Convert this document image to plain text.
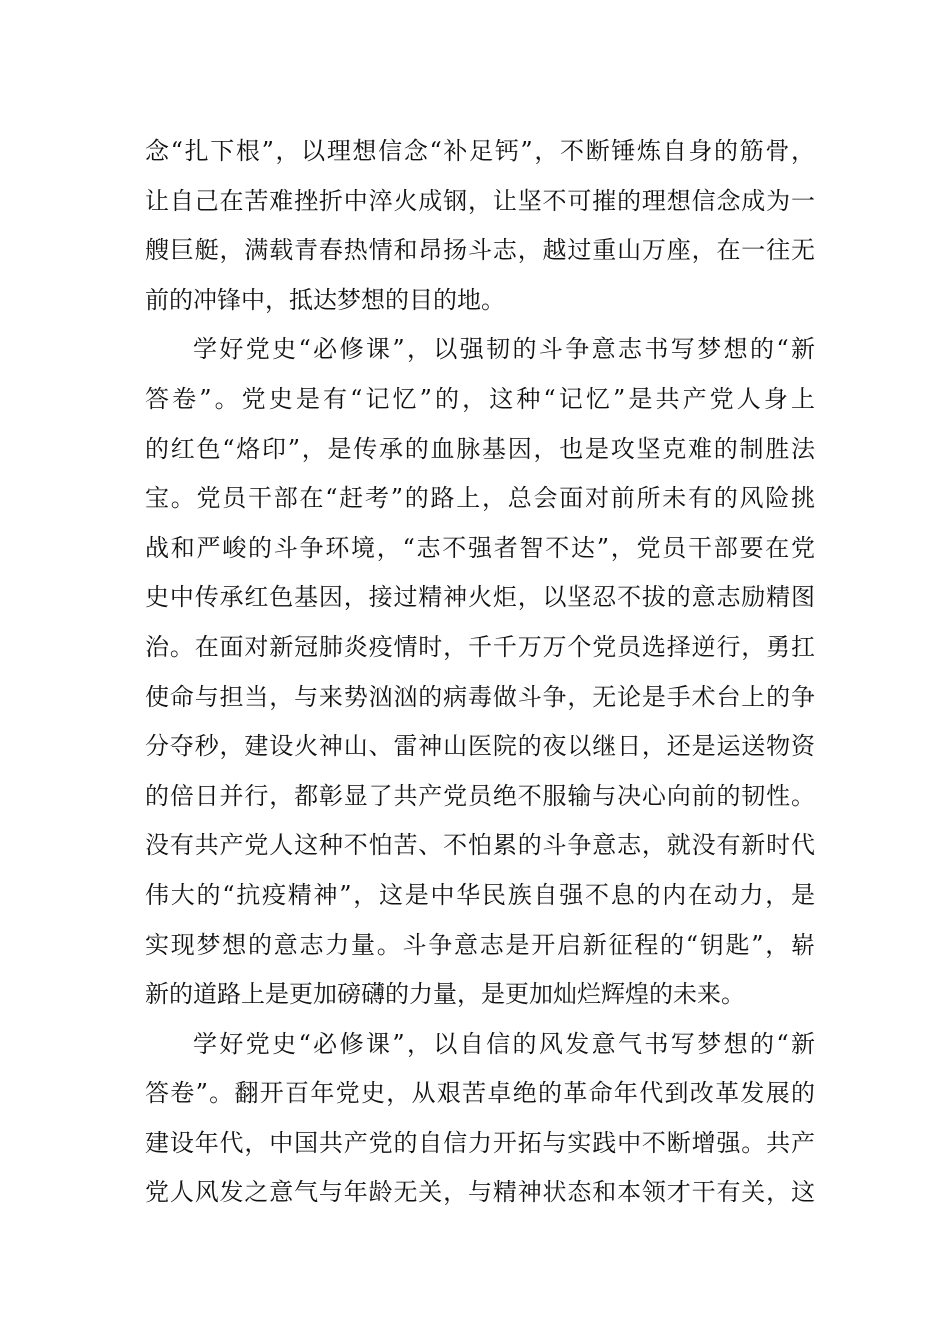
念“扎下根”，以理想信念“补足钙”，不断锤炼自身的筋骨，
让自己在苦难挫折中淬火成钢，让坚不可摧的理想信念成为一
艘巨艇，满载青春热情和昂扬斗志，越过重山万座，在一往无
前的冲锋中，抵达梦想的目的地。
学好党史“必修课”，以强韧的斗争意志书写梦想的“新
答卷”。党史是有“记忆”的，这种“记忆”是共产党人身上
的红色“烙印”，是传承的血脉基因，也是攻坚克难的制胜法
宝。党员干部在“赶考”的路上，总会面对前所未有的风险挑
战和严峻的斗争环境，“志不强者智不达”，党员干部要在党
史中传承红色基因，接过精神火炬，以坚忍不拔的意志励精图
治。在面对新冠肺炎疫情时，千千万万个党员选择逆行，勇扛
使命与担当，与来势汹汹的病毒做斗争，无论是手术台上的争
分夺秒，建设火神山、雷神山医院的夜以继日，还是运送物资
的倍日并行，都彰显了共产党员绝不服输与决心向前的韧性。
没有共产党人这种不怕苦、不怕累的斗争意志，就没有新时代
伟大的“抗疫精神”，这是中华民族自强不息的内在动力，是
实现梦想的意志力量。斗争意志是开启新征程的“钥匙”，崭
新的道路上是更加磅礴的力量，是更加灿烂辉煌的未来。
学好党史“必修课”，以自信的风发意气书写梦想的“新
答卷”。翻开百年党史，从艰苦卓绝的革命年代到改革发展的
建设年代，中国共产党的自信力开拓与实践中不断增强。共产
党人风发之意气与年龄无关，与精神状态和本领才干有关，这
